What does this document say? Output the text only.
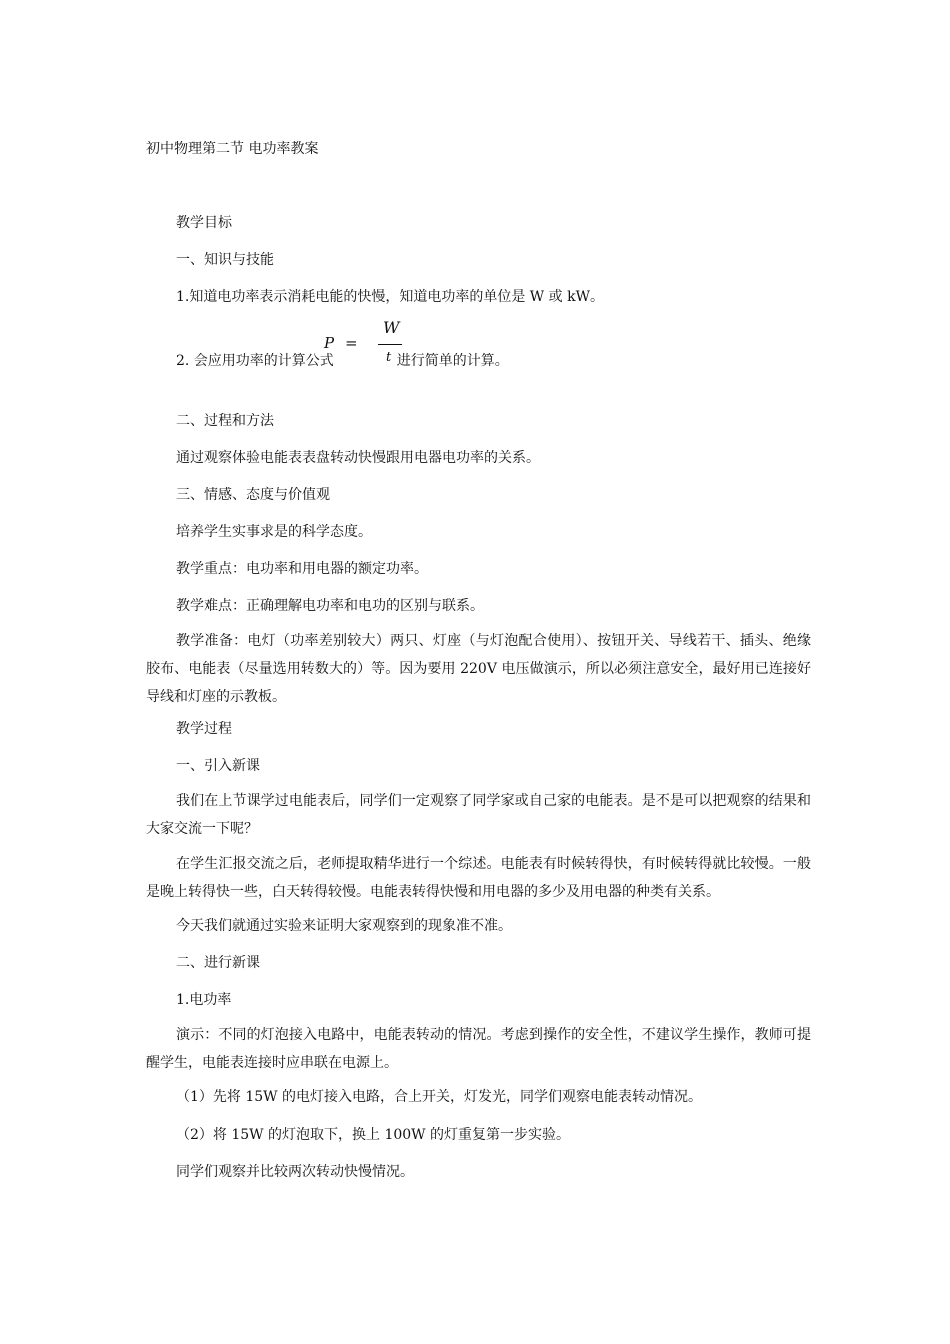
初中物理第二节 电功率教案
教学目标
一、知识与技能
1.知道电功率表示消耗电能的快慢，知道电功率的单位是 W 或 kW。
2. 会应用功率的计算公式	进行简单的计算。
P =
W
t
二、过程和方法
通过观察体验电能表表盘转动快慢跟用电器电功率的关系。
三、情感、态度与价值观
培养学生实事求是的科学态度。
教学重点：电功率和用电器的额定功率。
教学难点：正确理解电功率和电功的区别与联系。

教学准备：电灯（功率差别较大）两只、灯座（与灯泡配合使用）、按钮开关、导线若干、插头、绝缘胶布、电能表（尽量选用转数大的）等。因为要用 220V 电压做演示，所以必须注意安全，最好用已连接好导线和灯座的示教板。

教学过程
一、引入新课

我们在上节课学过电能表后，同学们一定观察了同学家或自己家的电能表。是不是可以把观察的结果和大家交流一下呢？

在学生汇报交流之后，老师提取精华进行一个综述。电能表有时候转得快，有时候转得就比较慢。一般是晚上转得快一些，白天转得较慢。电能表转得快慢和用电器的多少及用电器的种类有关系。

今天我们就通过实验来证明大家观察到的现象准不准。
二、进行新课
1.电功率

演示：不同的灯泡接入电路中，电能表转动的情况。考虑到操作的安全性，不建议学生操作，教师可提醒学生，电能表连接时应串联在电源上。

（1）先将 15W 的电灯接入电路，合上开关，灯发光，同学们观察电能表转动情况。
（2）将 15W 的灯泡取下，换上 100W 的灯重复第一步实验。
同学们观察并比较两次转动快慢情况。
